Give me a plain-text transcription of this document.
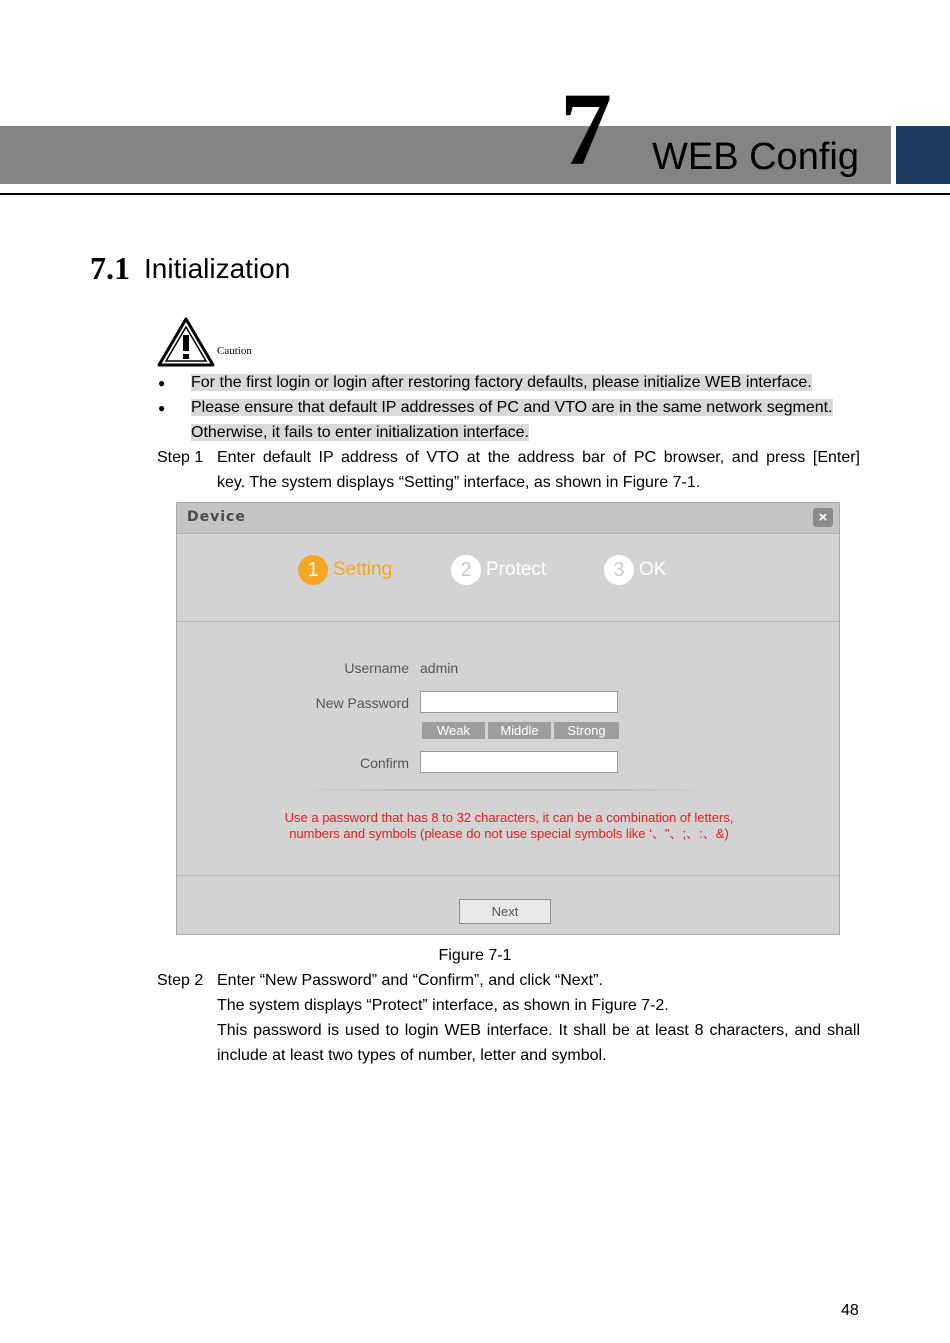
7 WEB Config
7.1 Initialization
Caution
● For the first login or login after restoring factory defaults, please initialize WEB interface.
● Please ensure that default IP addresses of PC and VTO are in the same network segment.
Otherwise, it fails to enter initialization interface.
Step 1 Enter default IP address of VTO at the address bar of PC browser, and press [Enter]
key. The system displays “Setting” interface, as shown in Figure 7-1.
Device	×
1 Setting	2 Protect	3 OK
Username admin
New Password
Weak	Middle	Strong
Confirm
Use a password that has 8 to 32 characters, it can be a combination of letters,
numbers and symbols (please do not use special symbols like ‘、"、;、:、&)
Next
Figure 7-1
Step 2 Enter “New Password” and “Confirm”, and click “Next”.
The system displays “Protect” interface, as shown in Figure 7-2.
This password is used to login WEB interface. It shall be at least 8 characters, and shall
include at least two types of number, letter and symbol.
48
